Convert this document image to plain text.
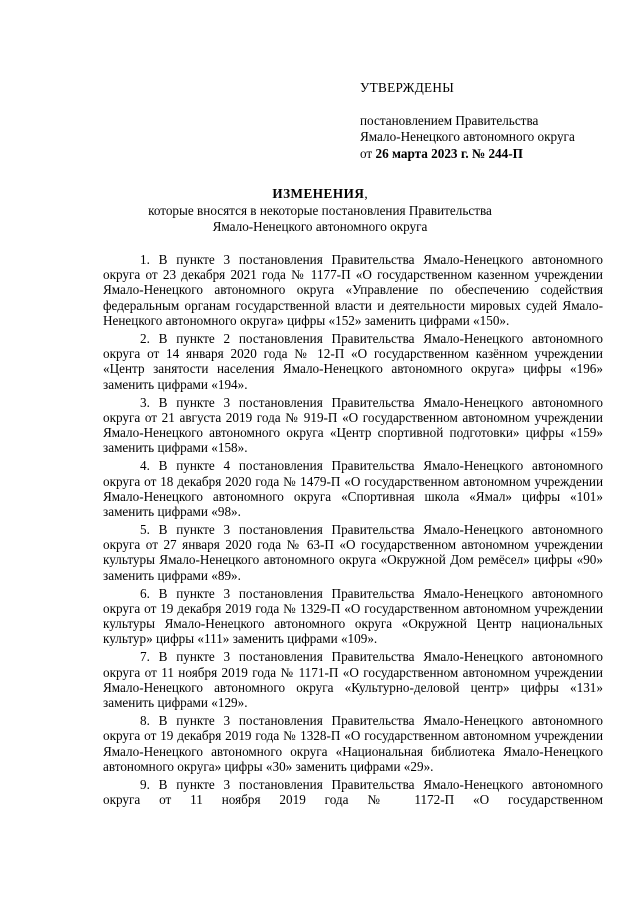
УТВЕРЖДЕНЫ
постановлением Правительства
Ямало-Ненецкого автономного округа
от 26 марта 2023 г. № 244-П
ИЗМЕНЕНИЯ,
которые вносятся в некоторые постановления Правительства
Ямало-Ненецкого автономного округа

1. В пункте 3 постановления Правительства Ямало-Ненецкого автономного округа от 23 декабря 2021 года № 1177-П «О государственном казенном учреждении Ямало-Ненецкого автономного округа «Управление по обеспечению содействия федеральным органам государственной власти и деятельности мировых судей Ямало-Ненецкого автономного округа» цифры «152» заменить цифрами «150».

2. В пункте 2 постановления Правительства Ямало-Ненецкого автономного округа от 14 января 2020 года № 12-П «О государственном казённом учреждении «Центр занятости населения Ямало-Ненецкого автономного округа» цифры «196» заменить цифрами «194».

3. В пункте 3 постановления Правительства Ямало-Ненецкого автономного округа от 21 августа 2019 года № 919-П «О государственном автономном учреждении Ямало-Ненецкого автономного округа «Центр спортивной подготовки» цифры «159» заменить цифрами «158».

4. В пункте 4 постановления Правительства Ямало-Ненецкого автономного округа от 18 декабря 2020 года № 1479-П «О государственном автономном учреждении Ямало-Ненецкого автономного округа «Спортивная школа «Ямал» цифры «101» заменить цифрами «98».

5. В пункте 3 постановления Правительства Ямало-Ненецкого автономного округа от 27 января 2020 года № 63-П «О государственном автономном учреждении культуры Ямало-Ненецкого автономного округа «Окружной Дом ремёсел» цифры «90» заменить цифрами «89».

6. В пункте 3 постановления Правительства Ямало-Ненецкого автономного округа от 19 декабря 2019 года № 1329-П «О государственном автономном учреждении культуры Ямало-Ненецкого автономного округа «Окружной Центр национальных культур» цифры «111» заменить цифрами «109».

7. В пункте 3 постановления Правительства Ямало-Ненецкого автономного округа от 11 ноября 2019 года № 1171-П «О государственном автономном учреждении Ямало-Ненецкого автономного округа «Культурно-деловой центр» цифры «131» заменить цифрами «129».

8. В пункте 3 постановления Правительства Ямало-Ненецкого автономного округа от 19 декабря 2019 года № 1328-П «О государственном автономном учреждении Ямало-Ненецкого автономного округа «Национальная библиотека Ямало-Ненецкого автономного округа» цифры «30» заменить цифрами «29».

9. В пункте 3 постановления Правительства Ямало-Ненецкого автономного округа от 11 ноября 2019 года № 1172-П «О государственном
